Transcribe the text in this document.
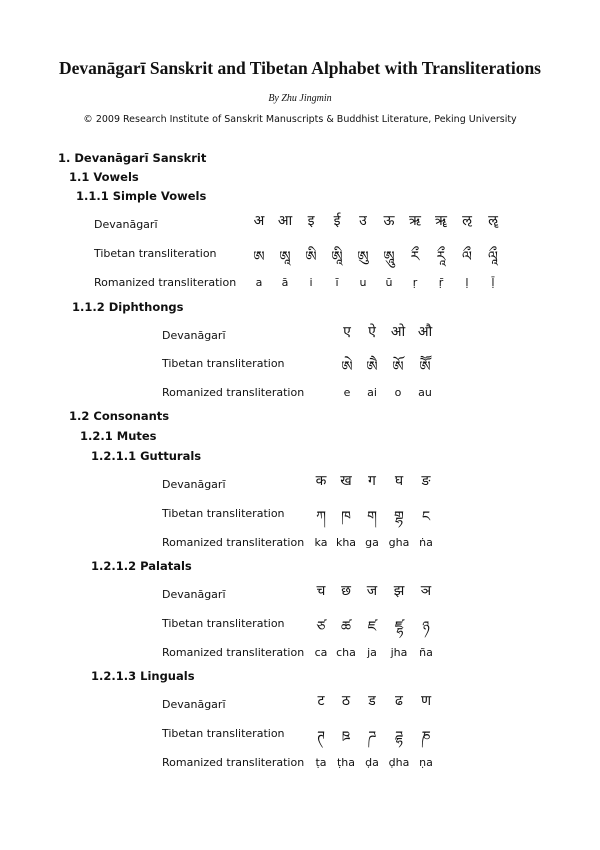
Devanāgarī Sanskrit and Tibetan Alphabet with Transliterations
By Zhu Jingmin
© 2009 Research Institute of Sanskrit Manuscripts & Buddhist Literature, Peking University
1. Devanāgarī Sanskrit
1.1 Vowels
1.1.1 Simple Vowels
Devanāgarī
Tibetan transliteration
Romanized transliteration
अ आ इ ई उ ऊ ऋ ॠ ऌ ॡ
ཨ ཨཱ ཨི ཨཱི ཨུ ཨཱུ རྀ རཱྀ ལྀ ལཱྀ
a ā i ī u ū ṛ ṝ ḷ ḹ
1.1.2 Diphthongs
Devanāgarī
Tibetan transliteration
Romanized transliteration
ए ऐ ओ औ
ཨེ ཨཻ ཨོ ཨཽ
e ai o au
1.2 Consonants
1.2.1 Mutes
1.2.1.1 Gutturals
Devanāgarī
Tibetan transliteration
Romanized transliteration
क ख ग घ ङ
ཀ ཁ ག གྷ ང
ka kha ga gha ṅa
1.2.1.2 Palatals
Devanāgarī
Tibetan transliteration
Romanized transliteration
च छ ज झ ञ
ཙ ཚ ཛ ཛྷ ཉ
ca cha ja jha ña
1.2.1.3 Linguals
Devanāgarī
Tibetan transliteration
Romanized transliteration
ट ठ ड ढ ण
ཊ ཋ ཌ ཌྷ ཎ
ṭa ṭha ḍa ḍha ṇa
